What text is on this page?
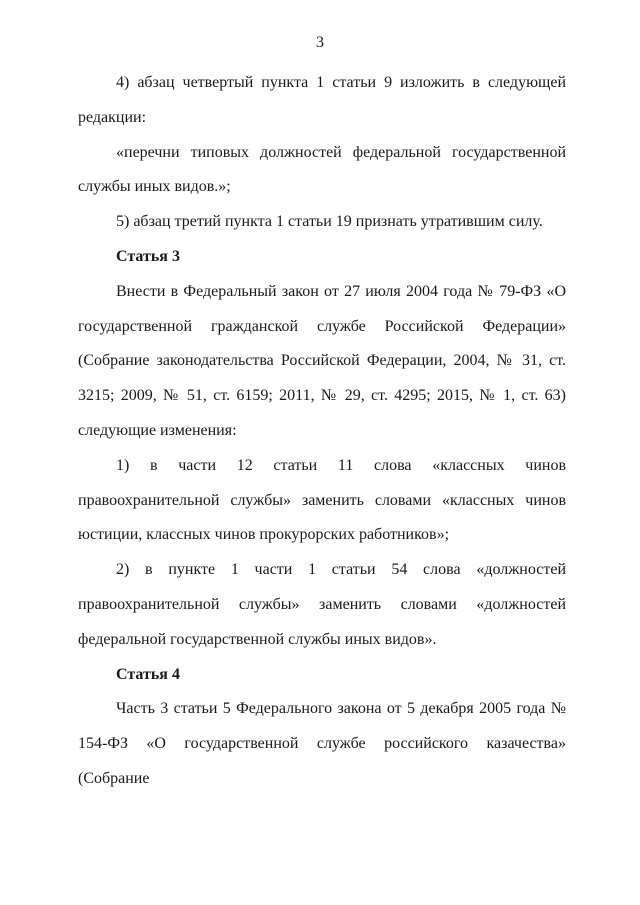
3

4) абзац четвертый пункта 1 статьи 9 изложить в следующей редакции:

«перечни типовых должностей федеральной государственной службы иных видов.»;

5) абзац третий пункта 1 статьи 19 признать утратившим силу.

Статья 3

Внести в Федеральный закон от 27 июля 2004 года № 79-ФЗ «О государственной гражданской службе Российской Федерации» (Собрание законодательства Российской Федерации, 2004, № 31, ст. 3215; 2009, № 51, ст. 6159; 2011, № 29, ст. 4295; 2015, № 1, ст. 63) следующие изменения:

1) в части 12 статьи 11 слова «классных чинов правоохранительной службы» заменить словами «классных чинов юстиции, классных чинов прокурорских работников»;

2) в пункте 1 части 1 статьи 54 слова «должностей правоохранительной службы» заменить словами «должностей федеральной государственной службы иных видов».

Статья 4

Часть 3 статьи 5 Федерального закона от 5 декабря 2005 года № 154-ФЗ «О государственной службе российского казачества» (Собрание
